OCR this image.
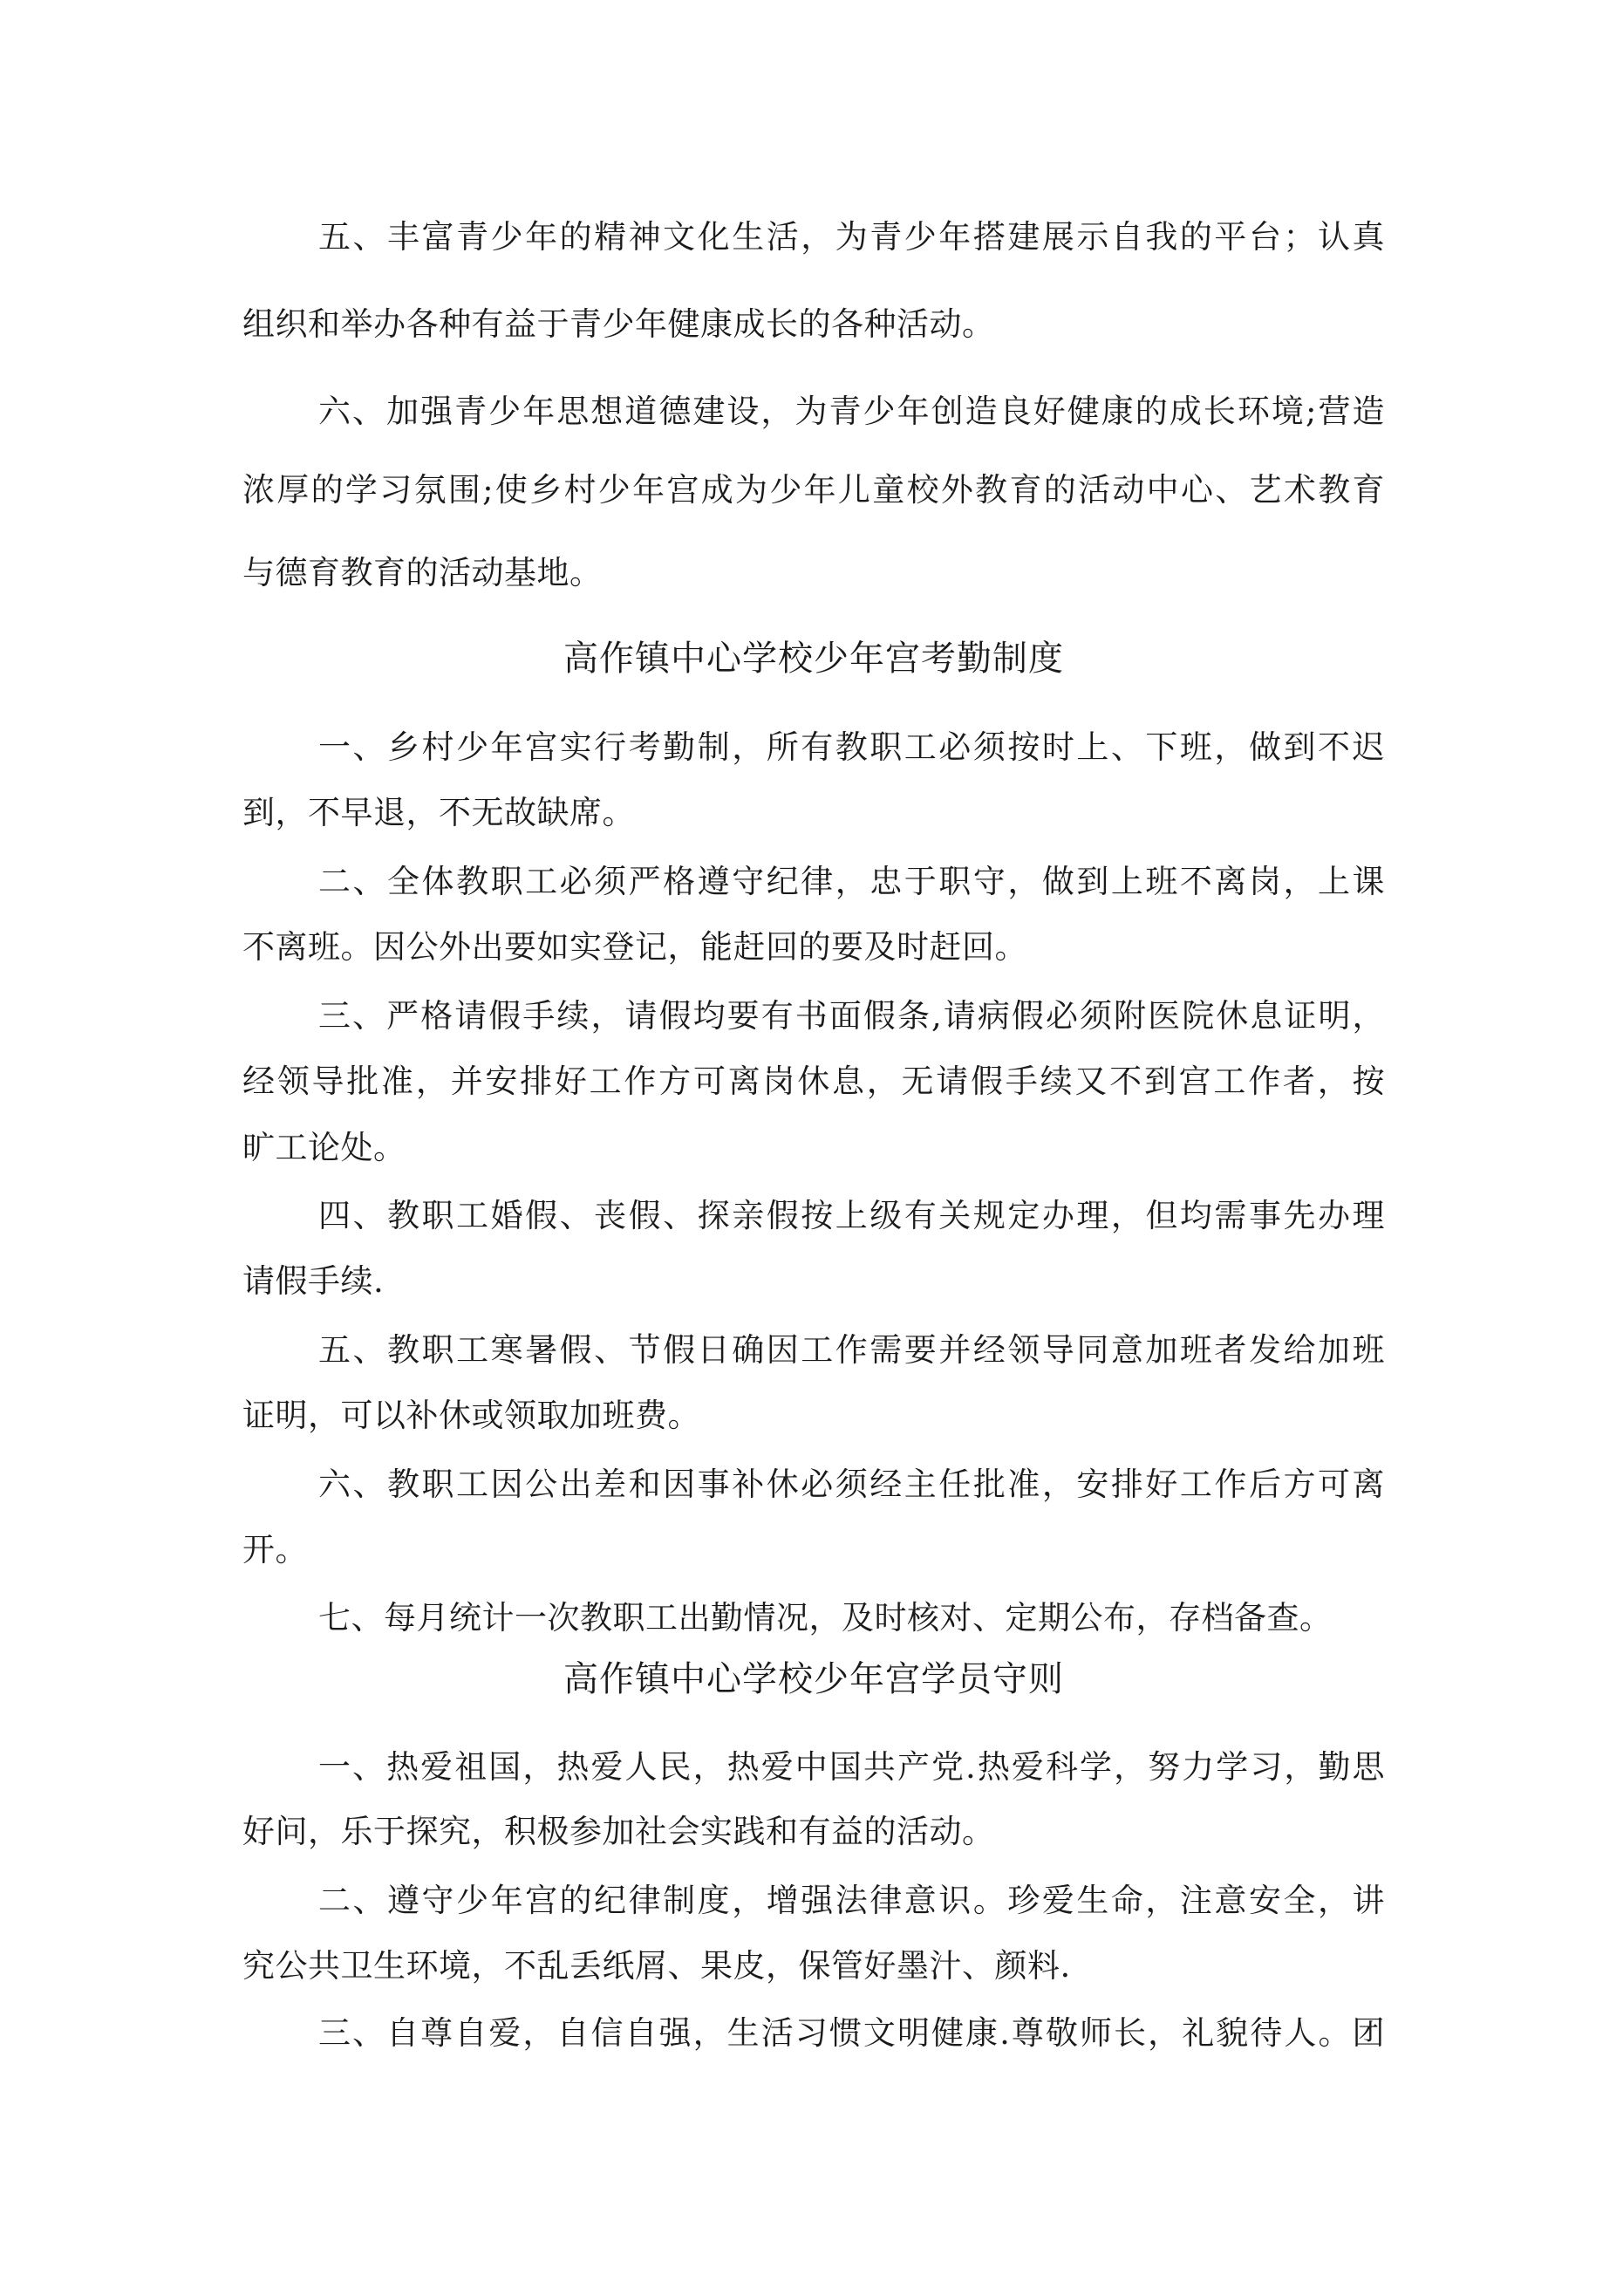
五、丰富青少年的精神文化生活，为青少年搭建展示自我的平台；认真
组织和举办各种有益于青少年健康成长的各种活动。
六、加强青少年思想道德建设，为青少年创造良好健康的成长环境;营造
浓厚的学习氛围;使乡村少年宫成为少年儿童校外教育的活动中心、艺术教育
与德育教育的活动基地。
高作镇中心学校少年宫考勤制度
一、乡村少年宫实行考勤制，所有教职工必须按时上、下班，做到不迟
到，不早退，不无故缺席。
二、全体教职工必须严格遵守纪律，忠于职守，做到上班不离岗，上课
不离班。因公外出要如实登记，能赶回的要及时赶回。
三、严格请假手续，请假均要有书面假条,请病假必须附医院休息证明，
经领导批准，并安排好工作方可离岗休息，无请假手续又不到宫工作者，按
旷工论处。
四、教职工婚假、丧假、探亲假按上级有关规定办理，但均需事先办理
请假手续.
五、教职工寒暑假、节假日确因工作需要并经领导同意加班者发给加班
证明，可以补休或领取加班费。
六、教职工因公出差和因事补休必须经主任批准，安排好工作后方可离
开。
七、每月统计一次教职工出勤情况，及时核对、定期公布，存档备查。
高作镇中心学校少年宫学员守则
一、热爱祖国，热爱人民，热爱中国共产党.热爱科学，努力学习，勤思
好问，乐于探究，积极参加社会实践和有益的活动。
二、遵守少年宫的纪律制度，增强法律意识。珍爱生命，注意安全，讲
究公共卫生环境，不乱丢纸屑、果皮，保管好墨汁、颜料.
三、自尊自爱，自信自强，生活习惯文明健康.尊敬师长，礼貌待人。团
